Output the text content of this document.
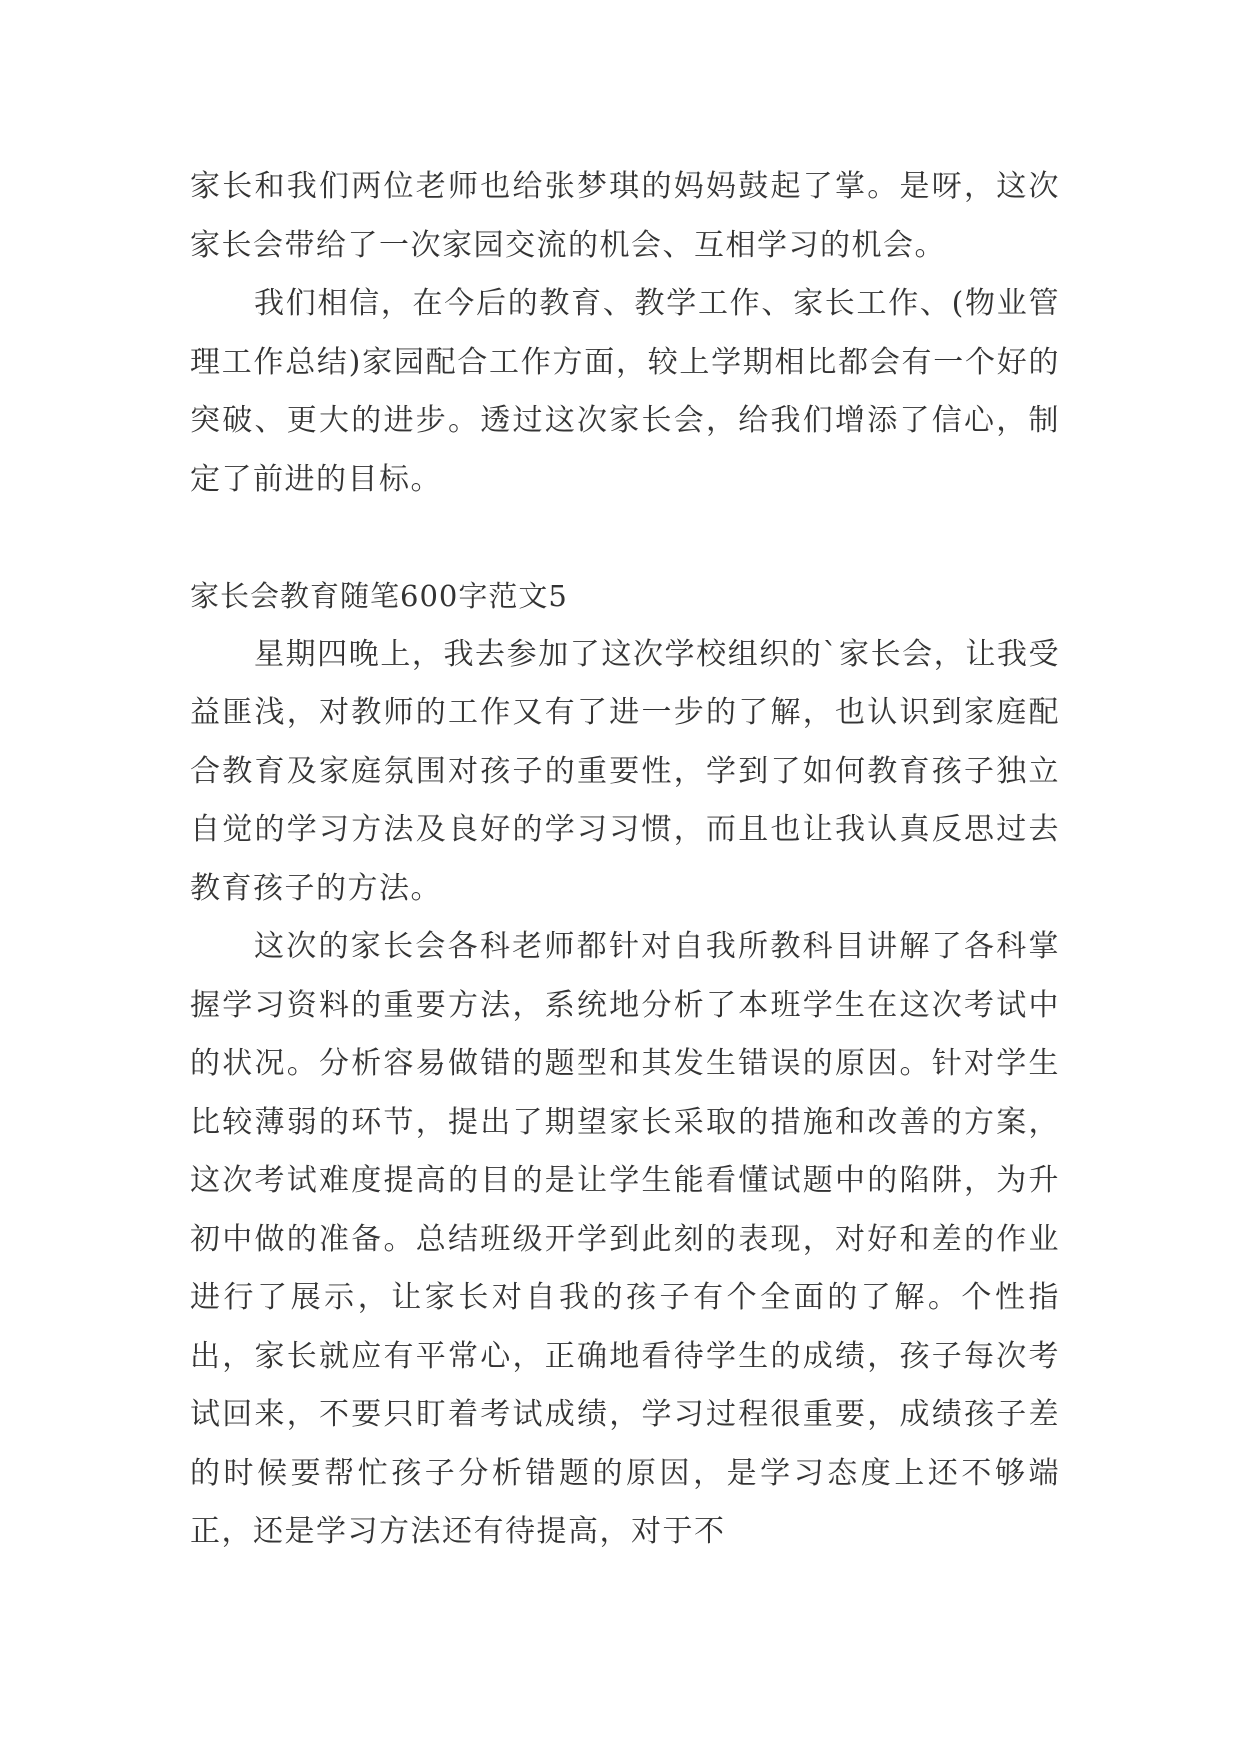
家长和我们两位老师也给张梦琪的妈妈鼓起了掌。是呀，这次家长会带给了一次家园交流的机会、互相学习的机会。

我们相信，在今后的教育、教学工作、家长工作、(物业管理工作总结)家园配合工作方面，较上学期相比都会有一个好的突破、更大的进步。透过这次家长会，给我们增添了信心，制定了前进的目标。

家长会教育随笔600字范文5

星期四晚上，我去参加了这次学校组织的`家长会，让我受益匪浅，对教师的工作又有了进一步的了解，也认识到家庭配合教育及家庭氛围对孩子的重要性，学到了如何教育孩子独立自觉的学习方法及良好的学习习惯，而且也让我认真反思过去教育孩子的方法。

这次的家长会各科老师都针对自我所教科目讲解了各科掌握学习资料的重要方法，系统地分析了本班学生在这次考试中的状况。分析容易做错的题型和其发生错误的原因。针对学生比较薄弱的环节，提出了期望家长采取的措施和改善的方案，这次考试难度提高的目的是让学生能看懂试题中的陷阱，为升初中做的准备。总结班级开学到此刻的表现，对好和差的作业进行了展示，让家长对自我的孩子有个全面的了解。个性指出，家长就应有平常心，正确地看待学生的成绩，孩子每次考试回来，不要只盯着考试成绩，学习过程很重要，成绩孩子差的时候要帮忙孩子分析错题的原因，是学习态度上还不够端正，还是学习方法还有待提高，对于不
